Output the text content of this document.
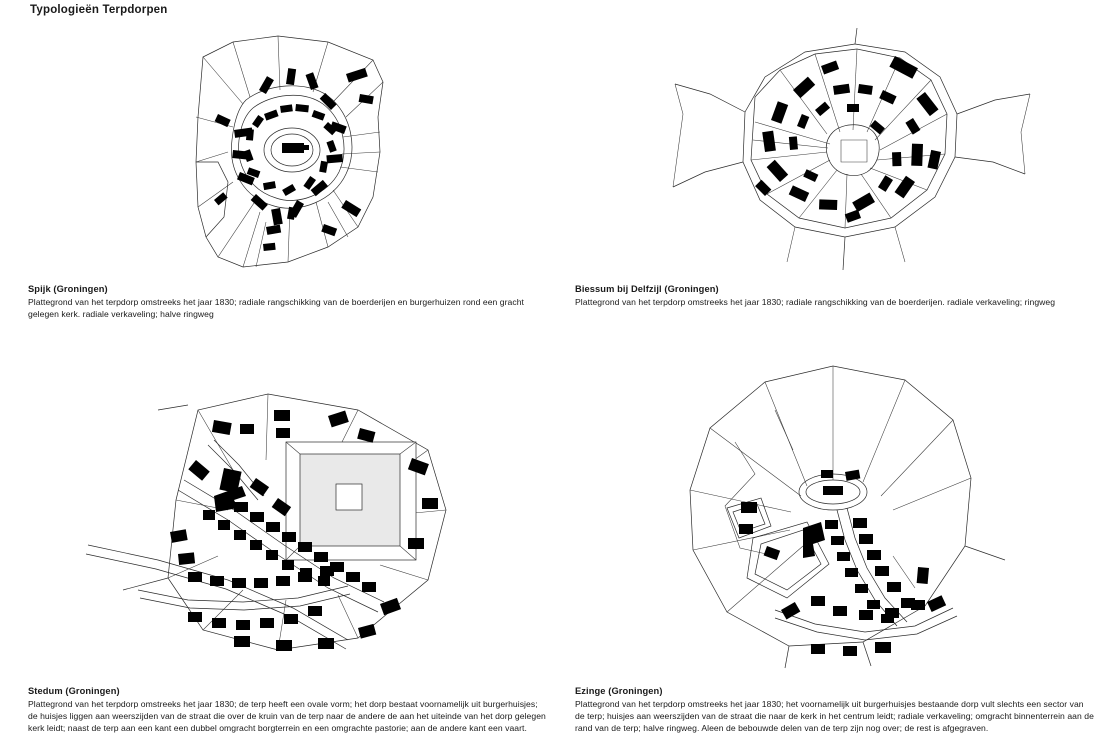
Typologieën Terpdorpen

Spijk (Groningen)

Plattegrond van het terpdorp omstreeks het jaar 1830; radiale rangschikking van de boerderijen en burgerhuizen rond een gracht gelegen kerk. radiale verkaveling; halve ringweg

Biessum bij Delfzijl (Groningen)

Plattegrond van het terpdorp omstreeks het jaar 1830; radiale rangschikking van de boerderijen. radiale verkaveling; ringweg

Stedum (Groningen)

Plattegrond van het terpdorp omstreeks het jaar 1830; de terp heeft een ovale vorm; het dorp bestaat voornamelijk uit burgerhuisjes; de huisjes liggen aan weerszijden van de straat die over de kruin van de terp naar de andere de aan het uiteinde van het dorp gelegen kerk leidt; naast de terp aan een kant een dubbel omgracht borgterrein en een omgrachte pastorie; aan de andere kant een vaart.

Ezinge (Groningen)

Plattegrond van het terpdorp omstreeks het jaar 1830; het voornamelijk uit burgerhuisjes bestaande dorp vult slechts een sector van de terp; huisjes aan weerszijden van de straat die naar de kerk in het centrum leidt; radiale verkaveling; omgracht binnenterrein aan de rand van de terp; halve ringweg. Aleen de bebouwde delen van de terp zijn nog over; de rest is afgegraven.
